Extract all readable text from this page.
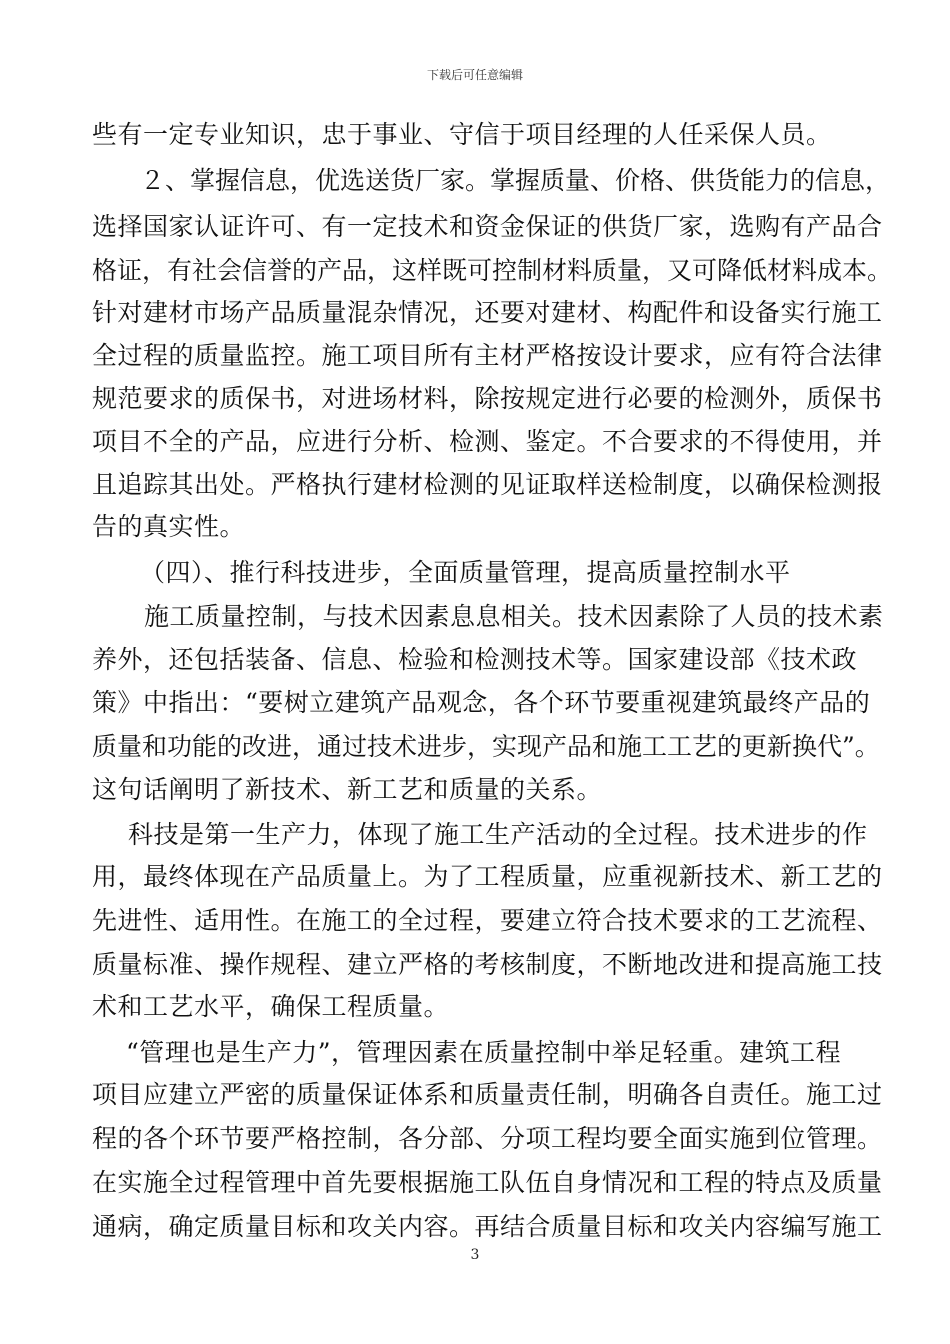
下载后可任意编辑
些有一定专业知识，忠于事业、守信于项目经理的人任采保人员。
２、掌握信息，优选送货厂家。掌握质量、价格、供货能力的信息，
选择国家认证许可、有一定技术和资金保证的供货厂家，选购有产品合
格证，有社会信誉的产品，这样既可控制材料质量，又可降低材料成本。
针对建材市场产品质量混杂情况，还要对建材、构配件和设备实行施工
全过程的质量监控。施工项目所有主材严格按设计要求，应有符合法律
规范要求的质保书，对进场材料，除按规定进行必要的检测外，质保书
项目不全的产品，应进行分析、检测、鉴定。不合要求的不得使用，并
且追踪其出处。严格执行建材检测的见证取样送检制度，以确保检测报
告的真实性。
（四）、推行科技进步，全面质量管理，提高质量控制水平
施工质量控制，与技术因素息息相关。技术因素除了人员的技术素
养外，还包括装备、信息、检验和检测技术等。国家建设部《技术政
策》中指出：“要树立建筑产品观念，各个环节要重视建筑最终产品的
质量和功能的改进，通过技术进步，实现产品和施工工艺的更新换代”。
这句话阐明了新技术、新工艺和质量的关系。
科技是第一生产力，体现了施工生产活动的全过程。技术进步的作
用，最终体现在产品质量上。为了工程质量，应重视新技术、新工艺的
先进性、适用性。在施工的全过程，要建立符合技术要求的工艺流程、
质量标准、操作规程、建立严格的考核制度，不断地改进和提高施工技
术和工艺水平，确保工程质量。
“管理也是生产力”，管理因素在质量控制中举足轻重。建筑工程
项目应建立严密的质量保证体系和质量责任制，明确各自责任。施工过
程的各个环节要严格控制，各分部、分项工程均要全面实施到位管理。
在实施全过程管理中首先要根据施工队伍自身情况和工程的特点及质量
通病，确定质量目标和攻关内容。再结合质量目标和攻关内容编写施工
3
